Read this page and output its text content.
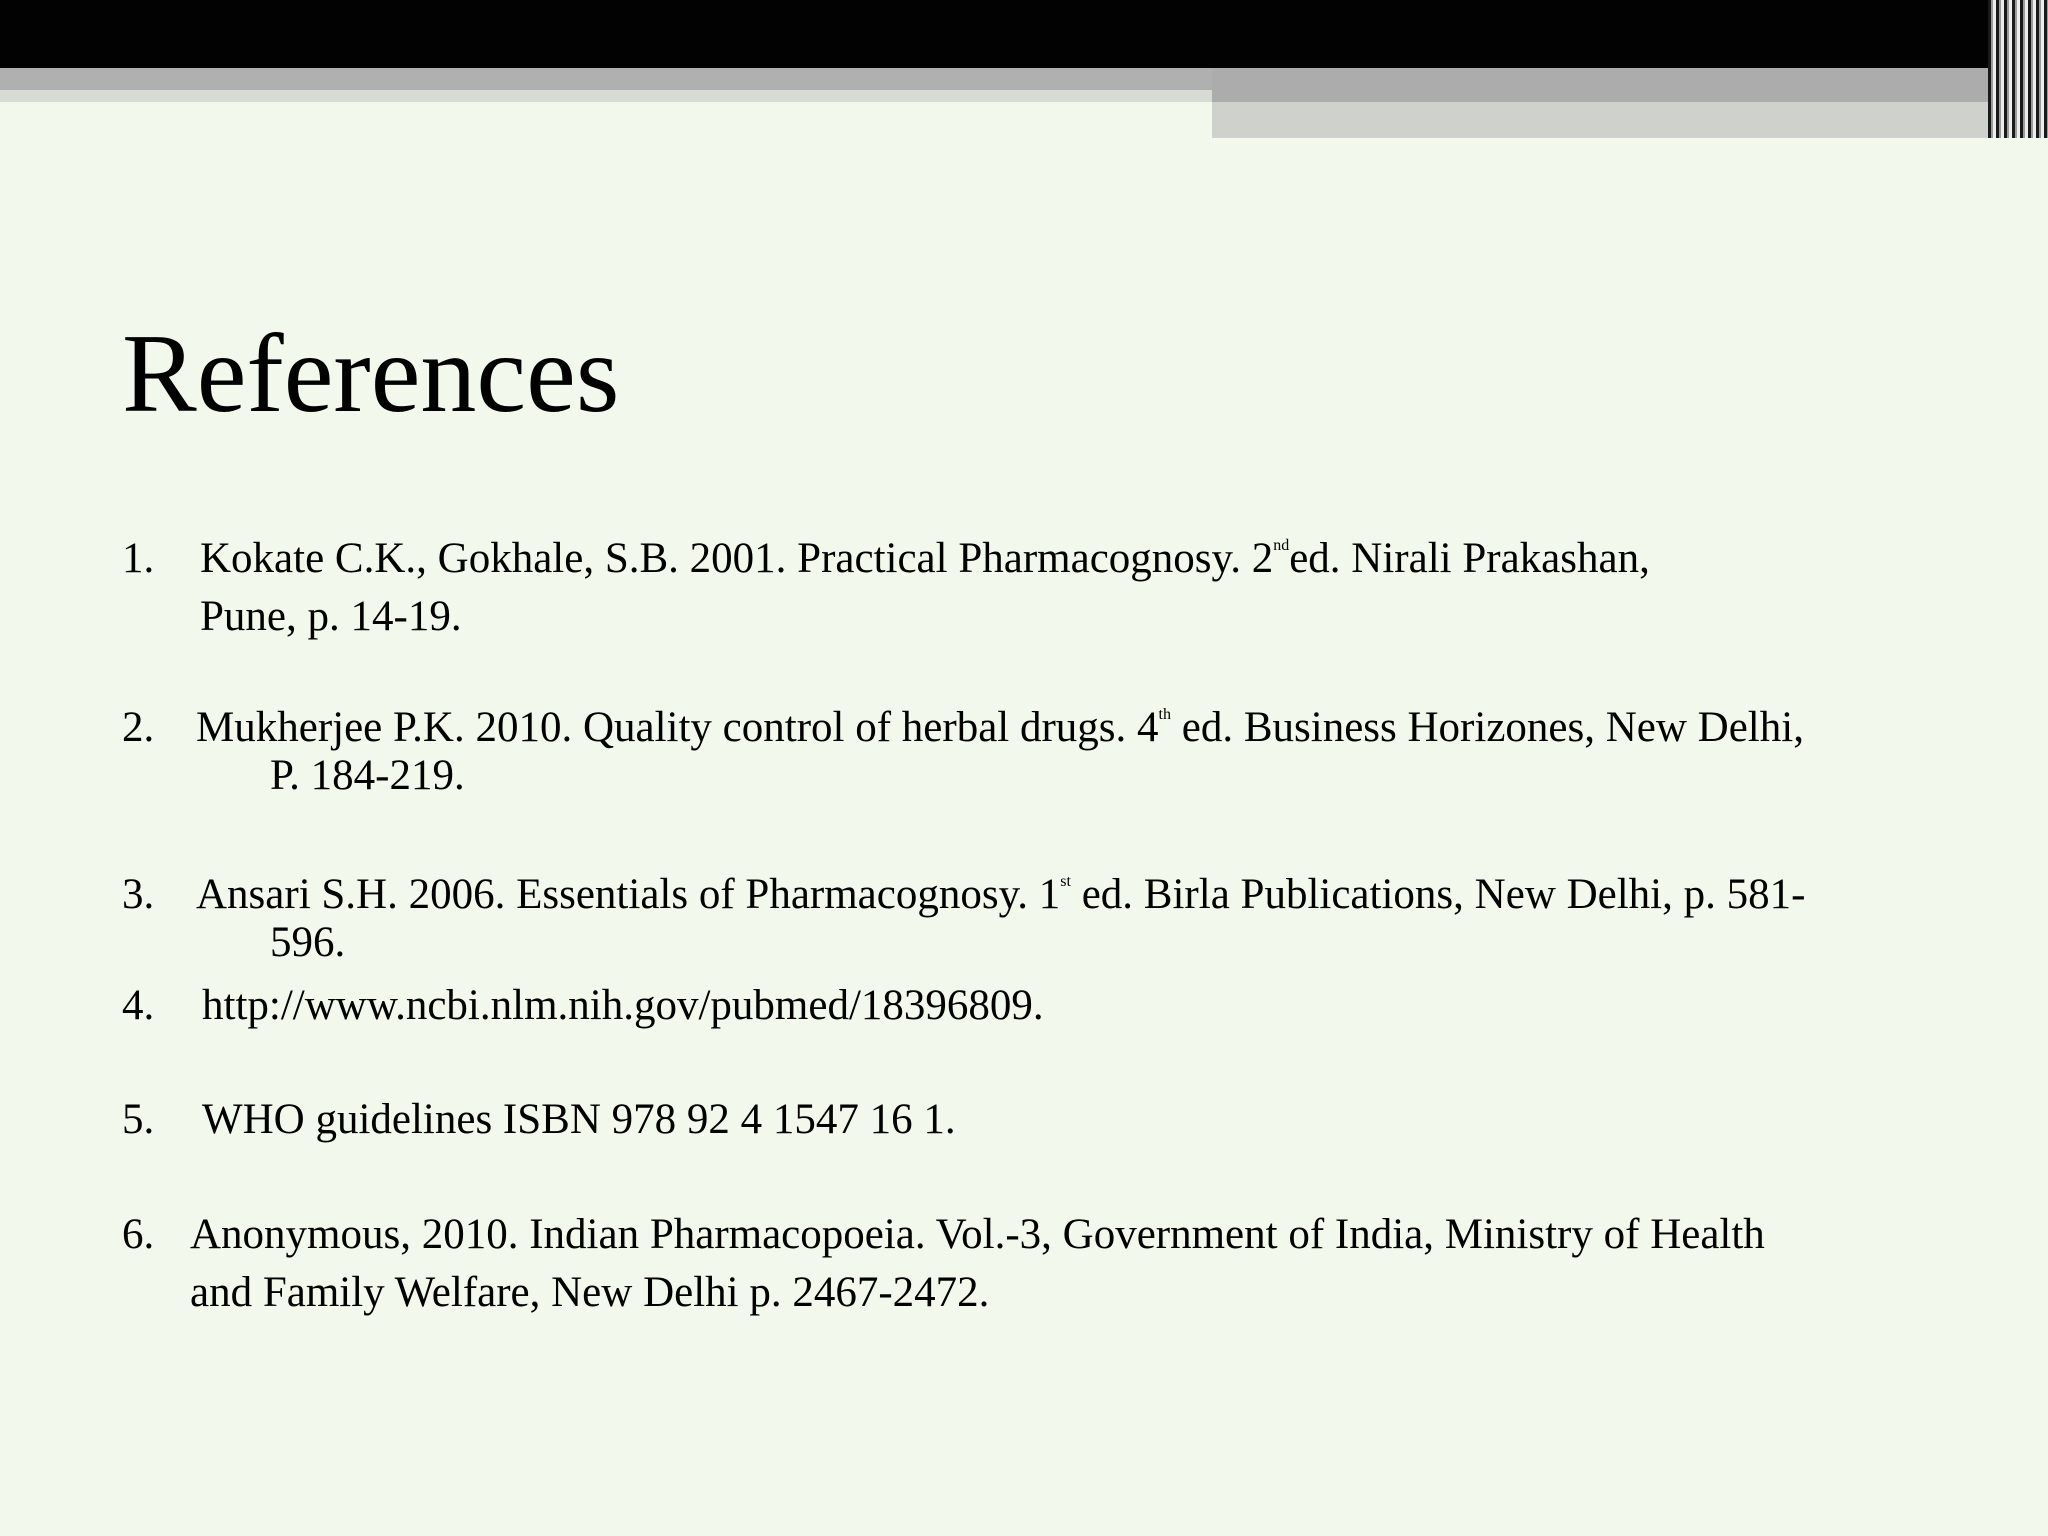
References
1.	Kokate C.K., Gokhale, S.B. 2001. Practical Pharmacognosy. 2nded. Nirali Prakashan,
Pune, p. 14-19.
2. Mukherjee P.K. 2010. Quality control of herbal drugs. 4th ed. Business Horizones, New Delhi,
P. 184-219.
3. Ansari S.H. 2006. Essentials of Pharmacognosy. 1st ed. Birla Publications, New Delhi, p. 581-
596.
4.	http://www.ncbi.nlm.nih.gov/pubmed/18396809.
5.	WHO guidelines ISBN 978 92 4 1547 16 1.
6. Anonymous, 2010. Indian Pharmacopoeia. Vol.-3, Government of India, Ministry of Health
and Family Welfare, New Delhi p. 2467-2472.
